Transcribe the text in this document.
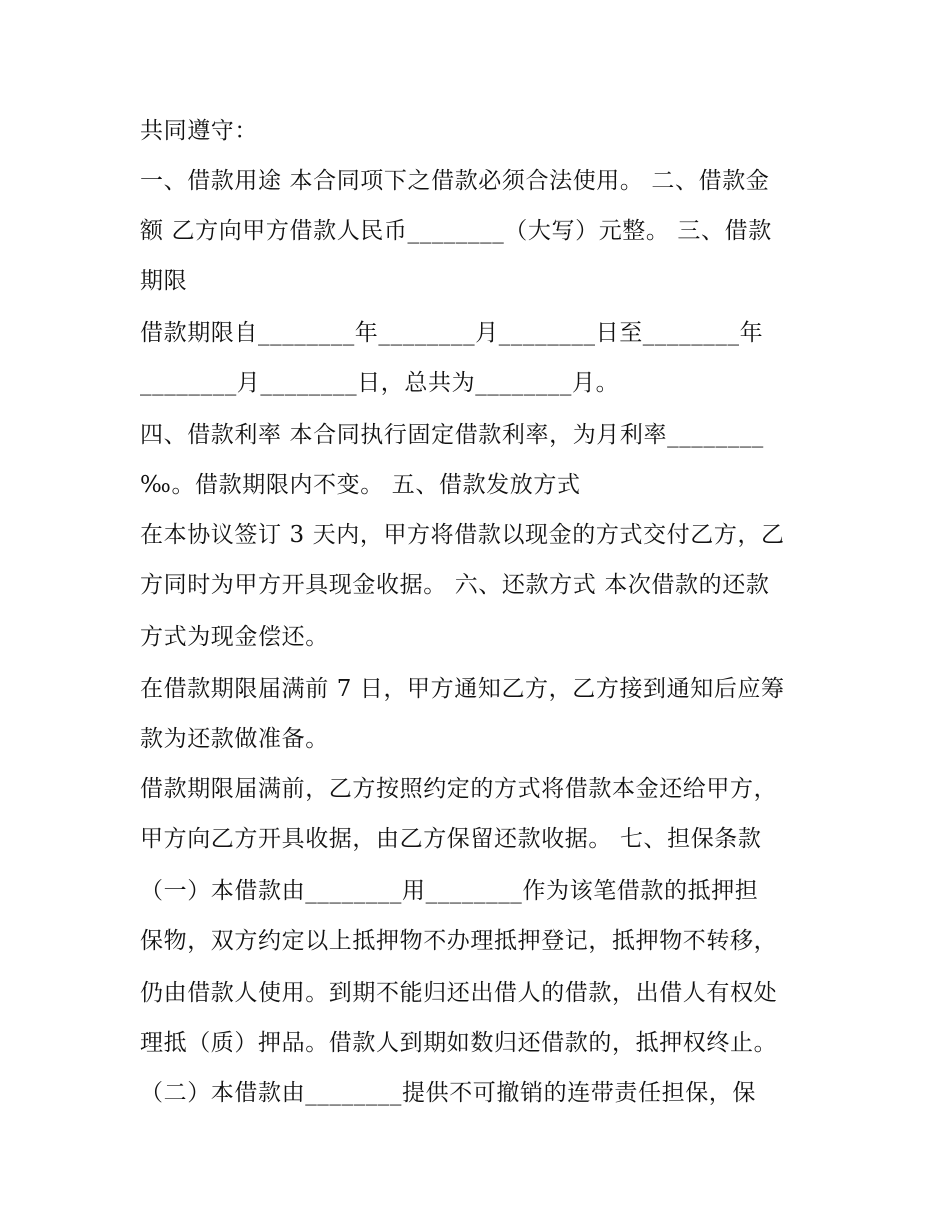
共同遵守：
一、借款用途 本合同项下之借款必须合法使用。 二、借款金
额 乙方向甲方借款人民币________（大写）元整。 三、借款
期限
借款期限自________年________月________日至________年
________月________日，总共为________月。
四、借款利率 本合同执行固定借款利率，为月利率________
‰。借款期限内不变。 五、借款发放方式
在本协议签订 3 天内，甲方将借款以现金的方式交付乙方，乙
方同时为甲方开具现金收据。 六、还款方式 本次借款的还款
方式为现金偿还。
在借款期限届满前 7 日，甲方通知乙方，乙方接到通知后应筹
款为还款做准备。
借款期限届满前，乙方按照约定的方式将借款本金还给甲方，
甲方向乙方开具收据，由乙方保留还款收据。 七、担保条款
（一）本借款由________用________作为该笔借款的抵押担
保物，双方约定以上抵押物不办理抵押登记，抵押物不转移，
仍由借款人使用。到期不能归还出借人的借款，出借人有权处
理抵（质）押品。借款人到期如数归还借款的，抵押权终止。
（二）本借款由________提供不可撤销的连带责任担保，保
